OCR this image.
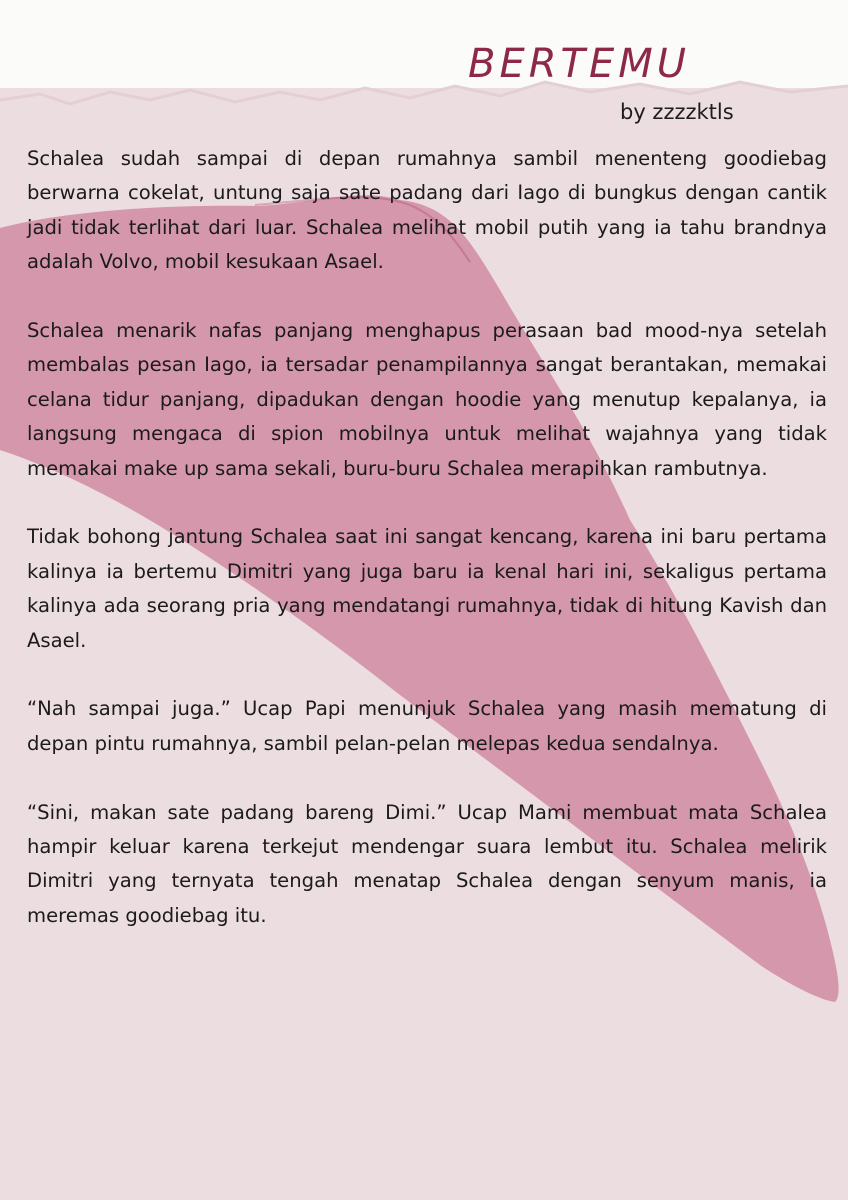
BERTEMU

by zzzzktls

Schalea sudah sampai di depan rumahnya sambil menenteng goodiebag berwarna cokelat, untung saja sate padang dari Iago di bungkus dengan cantik jadi tidak terlihat dari luar. Schalea melihat mobil putih yang ia tahu brandnya adalah Volvo, mobil kesukaan Asael.

Schalea menarik nafas panjang menghapus perasaan bad mood-nya setelah membalas pesan Iago, ia tersadar penampilannya sangat berantakan, memakai celana tidur panjang, dipadukan dengan hoodie yang menutup kepalanya, ia langsung mengaca di spion mobilnya untuk melihat wajahnya yang tidak memakai make up sama sekali, buru-buru Schalea merapihkan rambutnya.

Tidak bohong jantung Schalea saat ini sangat kencang, karena ini baru pertama kalinya ia bertemu Dimitri yang juga baru ia kenal hari ini, sekaligus pertama kalinya ada seorang pria yang mendatangi rumahnya, tidak di hitung Kavish dan Asael.

“Nah sampai juga.” Ucap Papi menunjuk Schalea yang masih mematung di depan pintu rumahnya, sambil pelan-pelan melepas kedua sendalnya.

“Sini, makan sate padang bareng Dimi.” Ucap Mami membuat mata Schalea hampir keluar karena terkejut mendengar suara lembut itu. Schalea melirik Dimitri yang ternyata tengah menatap Schalea dengan senyum manis, ia meremas goodiebag itu.
